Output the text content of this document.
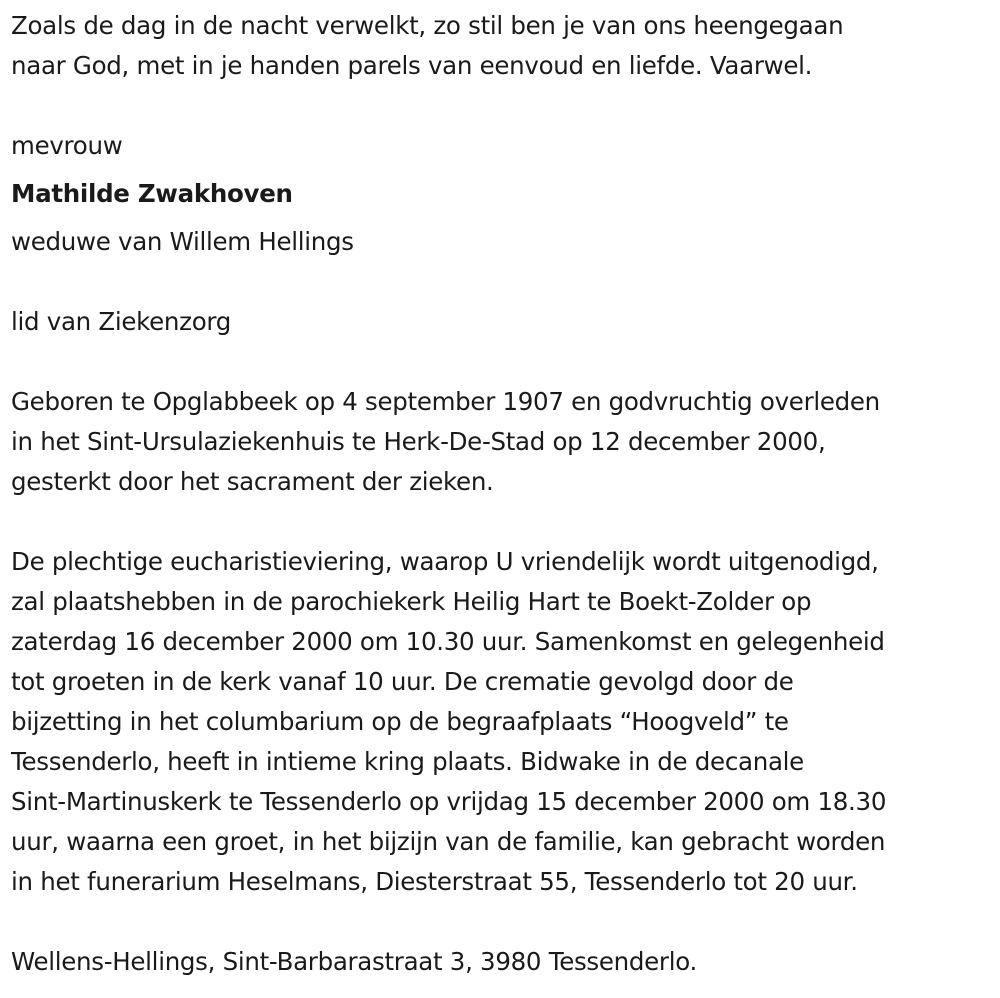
Zoals de dag in de nacht verwelkt, zo stil ben je van ons heengegaan
naar God, met in je handen parels van eenvoud en liefde. Vaarwel.
mevrouw
Mathilde Zwakhoven
weduwe van Willem Hellings
lid van Ziekenzorg
Geboren te Opglabbeek op 4 september 1907 en godvruchtig overleden
in het Sint-Ursulaziekenhuis te Herk-De-Stad op 12 december 2000,
gesterkt door het sacrament der zieken.
De plechtige eucharistieviering, waarop U vriendelijk wordt uitgenodigd,
zal plaatshebben in de parochiekerk Heilig Hart te Boekt-Zolder op
zaterdag 16 december 2000 om 10.30 uur. Samenkomst en gelegenheid
tot groeten in de kerk vanaf 10 uur. De crematie gevolgd door de
bijzetting in het columbarium op de begraafplaats “Hoogveld” te
Tessenderlo, heeft in intieme kring plaats. Bidwake in de decanale
Sint-Martinuskerk te Tessenderlo op vrijdag 15 december 2000 om 18.30
uur, waarna een groet, in het bijzijn van de familie, kan gebracht worden
in het funerarium Heselmans, Diesterstraat 55, Tessenderlo tot 20 uur.
Wellens-Hellings, Sint-Barbarastraat 3, 3980 Tessenderlo.
